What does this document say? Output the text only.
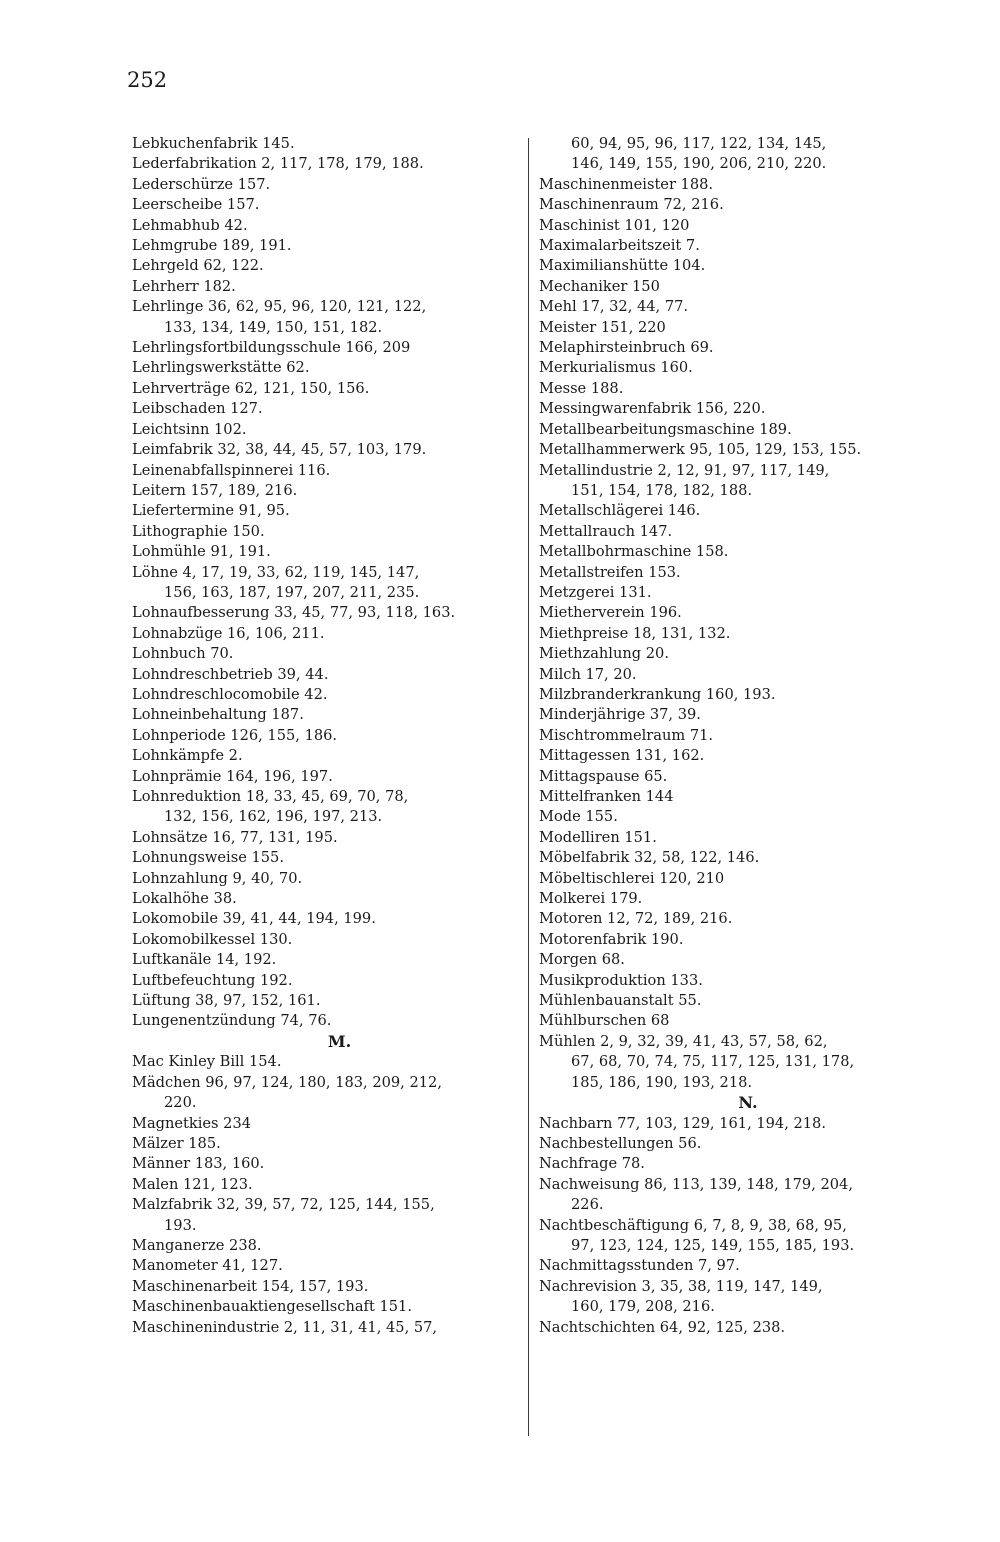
252
Lebkuchenfabrik 145.
Lederfabrikation 2, 117, 178, 179, 188.
Lederschürze 157.
Leerscheibe 157.
Lehmabhub 42.
Lehmgrube 189, 191.
Lehrgeld 62, 122.
Lehrherr 182.
Lehrlinge 36, 62, 95, 96, 120, 121, 122,
133, 134, 149, 150, 151, 182.
Lehrlingsfortbildungsschule 166, 209
Lehrlingswerkstätte 62.
Lehrverträge 62, 121, 150, 156.
Leibschaden 127.
Leichtsinn 102.
Leimfabrik 32, 38, 44, 45, 57, 103, 179.
Leinenabfallspinnerei 116.
Leitern 157, 189, 216.
Liefertermine 91, 95.
Lithographie 150.
Lohmühle 91, 191.
Löhne 4, 17, 19, 33, 62, 119, 145, 147,
156, 163, 187, 197, 207, 211, 235.
Lohnaufbesserung 33, 45, 77, 93, 118, 163.
Lohnabzüge 16, 106, 211.
Lohnbuch 70.
Lohndreschbetrieb 39, 44.
Lohndreschlocomobile 42.
Lohneinbehaltung 187.
Lohnperiode 126, 155, 186.
Lohnkämpfe 2.
Lohnprämie 164, 196, 197.
Lohnreduktion 18, 33, 45, 69, 70, 78,
132, 156, 162, 196, 197, 213.
Lohnsätze 16, 77, 131, 195.
Lohnungsweise 155.
Lohnzahlung 9, 40, 70.
Lokalhöhe 38.
Lokomobile 39, 41, 44, 194, 199.
Lokomobilkessel 130.
Luftkanäle 14, 192.
Luftbefeuchtung 192.
Lüftung 38, 97, 152, 161.
Lungenentzündung 74, 76.
M.
Mac Kinley Bill 154.
Mädchen 96, 97, 124, 180, 183, 209, 212,
220.
Magnetkies 234
Mälzer 185.
Männer 183, 160.
Malen 121, 123.
Malzfabrik 32, 39, 57, 72, 125, 144, 155,
193.
Manganerze 238.
Manometer 41, 127.
Maschinenarbeit 154, 157, 193.
Maschinenbauaktiengesellschaft 151.
Maschinenindustrie 2, 11, 31, 41, 45, 57,
60, 94, 95, 96, 117, 122, 134, 145,
146, 149, 155, 190, 206, 210, 220.
Maschinenmeister 188.
Maschinenraum 72, 216.
Maschinist 101, 120
Maximalarbeitszeit 7.
Maximilianshütte 104.
Mechaniker 150
Mehl 17, 32, 44, 77.
Meister 151, 220
Melaphirsteinbruch 69.
Merkurialismus 160.
Messe 188.
Messingwarenfabrik 156, 220.
Metallbearbeitungsmaschine 189.
Metallhammerwerk 95, 105, 129, 153, 155.
Metallindustrie 2, 12, 91, 97, 117, 149,
151, 154, 178, 182, 188.
Metallschlägerei 146.
Mettallrauch 147.
Metallbohrmaschine 158.
Metallstreifen 153.
Metzgerei 131.
Mietherverein 196.
Miethpreise 18, 131, 132.
Miethzahlung 20.
Milch 17, 20.
Milzbranderkrankung 160, 193.
Minderjährige 37, 39.
Mischtrommelraum 71.
Mittagessen 131, 162.
Mittagspause 65.
Mittelfranken 144
Mode 155.
Modelliren 151.
Möbelfabrik 32, 58, 122, 146.
Möbeltischlerei 120, 210
Molkerei 179.
Motoren 12, 72, 189, 216.
Motorenfabrik 190.
Morgen 68.
Musikproduktion 133.
Mühlenbauanstalt 55.
Mühlburschen 68
Mühlen 2, 9, 32, 39, 41, 43, 57, 58, 62,
67, 68, 70, 74, 75, 117, 125, 131, 178,
185, 186, 190, 193, 218.
N.
Nachbarn 77, 103, 129, 161, 194, 218.
Nachbestellungen 56.
Nachfrage 78.
Nachweisung 86, 113, 139, 148, 179, 204,
226.
Nachtbeschäftigung 6, 7, 8, 9, 38, 68, 95,
97, 123, 124, 125, 149, 155, 185, 193.
Nachmittagsstunden 7, 97.
Nachrevision 3, 35, 38, 119, 147, 149,
160, 179, 208, 216.
Nachtschichten 64, 92, 125, 238.
